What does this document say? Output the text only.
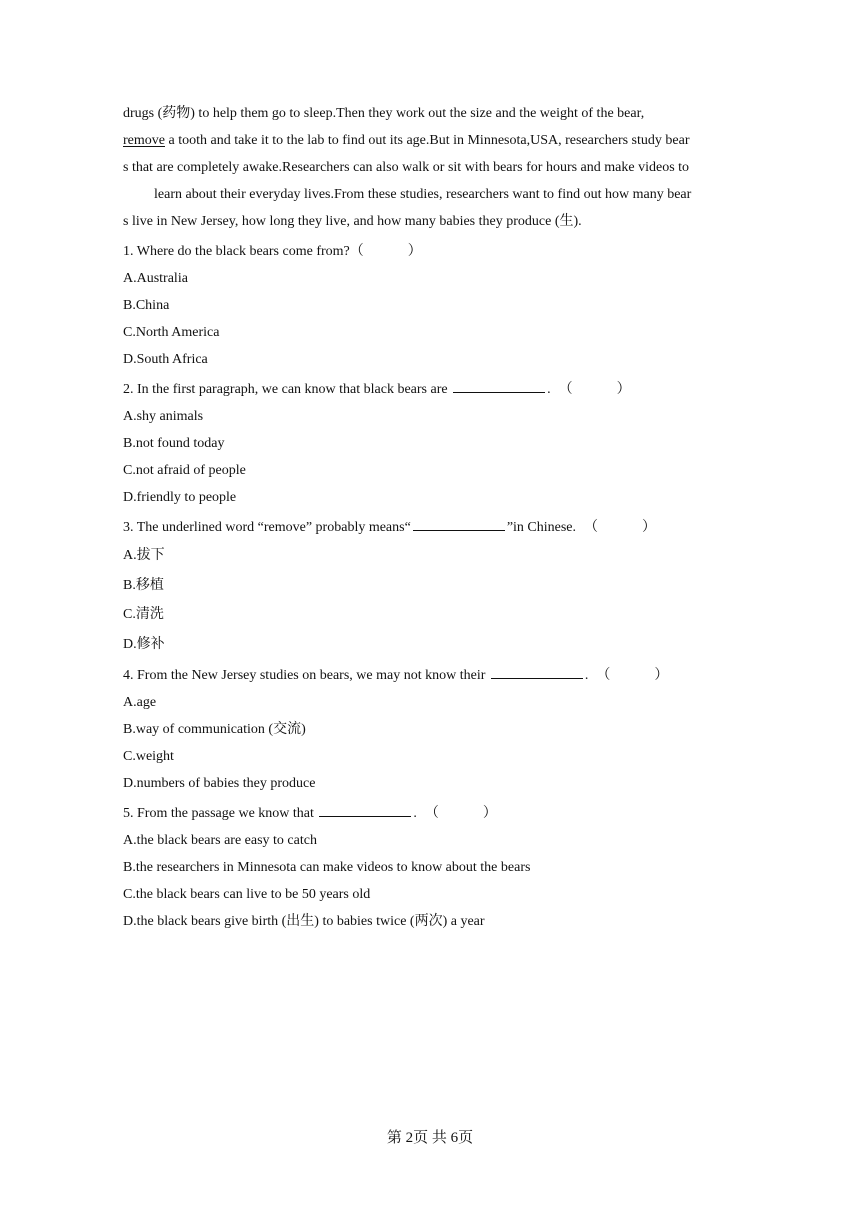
drugs (药物) to help them go to sleep.Then they work out the size and the weight of the bear,
remove a tooth and take it to the lab to find out its age.But in Minnesota,USA, researchers study bear
s that are completely awake.Researchers can also walk or sit with bears for hours and make videos to
learn about their everyday lives.From these studies, researchers want to find out how many bear
s live in New Jersey, how long they live, and how many babies they produce (生).
1. Where do the black bears come from?（	）
A.Australia
B.China
C.North America
D.South Africa
2. In the first paragraph, we can know that black bears are	. （	）
A.shy animals
B.not found today
C.not afraid of people
D.friendly to people
3. The underlined word “remove” probably means“	”in Chinese. （	）
A.拔下
B.移植
C.清洗
D.修补
4. From the New Jersey studies on bears, we may not know their	. （	）
A.age
B.way of communication (交流)
C.weight
D.numbers of babies they produce
5. From the passage we know that	. （	）
A.the black bears are easy to catch
B.the researchers in Minnesota can make videos to know about the bears
C.the black bears can live to be 50 years old
D.the black bears give birth (出生) to babies twice (两次) a year
第 2页 共 6页
